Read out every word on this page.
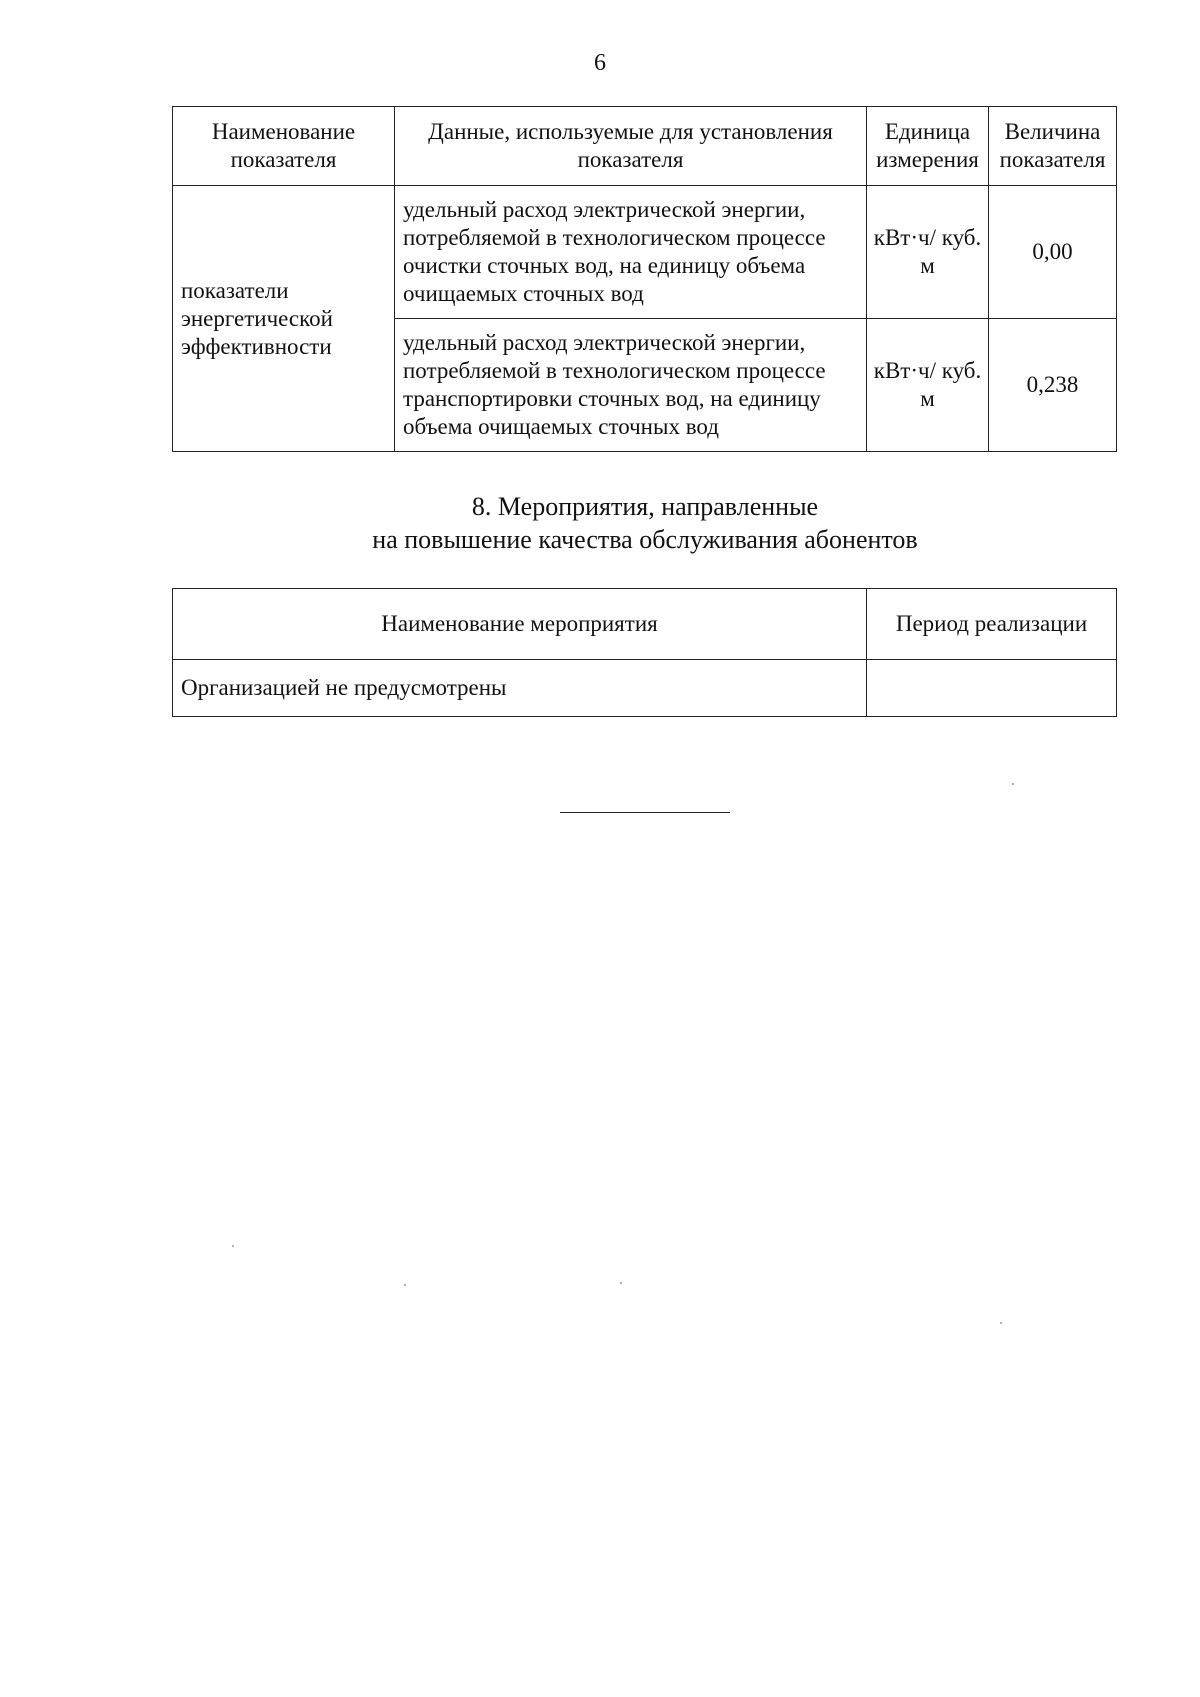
6
Наименование показателя	Данные, используемые для установления показателя	Единица измерения	Величина показателя
показатели энергетической эффективности	удельный расход электрической энергии, потребляемой в технологическом процессе очистки сточных вод, на единицу объема очищаемых сточных вод	кВт·ч/ куб. м	0,00
	удельный расход электрической энергии, потребляемой в технологическом процессе транспортировки сточных вод, на единицу объема очищаемых сточных вод	кВт·ч/ куб. м	0,238
8. Мероприятия, направленные
на повышение качества обслуживания абонентов
Наименование мероприятия	Период реализации
Организацией не предусмотрены	
